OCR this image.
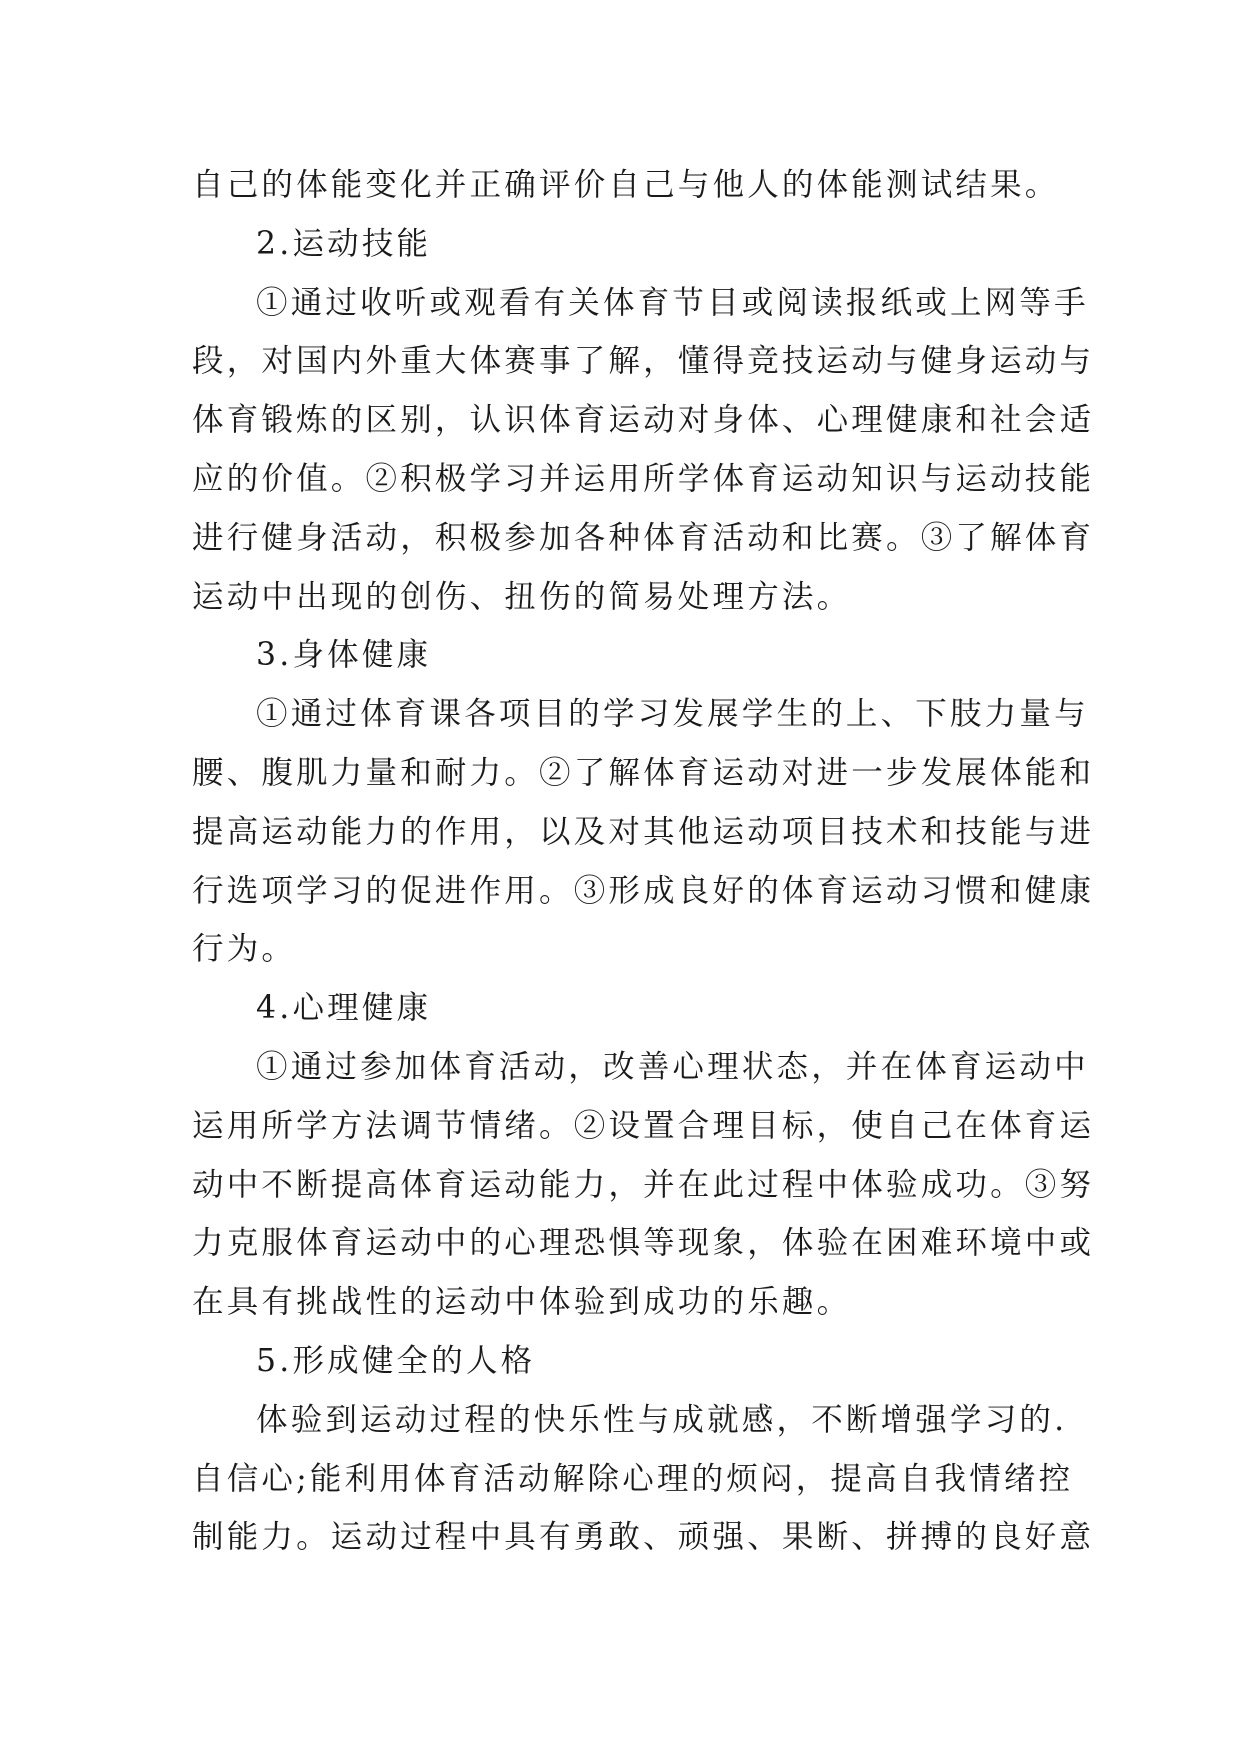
自己的体能变化并正确评价自己与他人的体能测试结果。
2.运动技能
①通过收听或观看有关体育节目或阅读报纸或上网等手
段，对国内外重大体赛事了解，懂得竞技运动与健身运动与
体育锻炼的区别，认识体育运动对身体、心理健康和社会适
应的价值。②积极学习并运用所学体育运动知识与运动技能
进行健身活动，积极参加各种体育活动和比赛。③了解体育
运动中出现的创伤、扭伤的简易处理方法。
3.身体健康
①通过体育课各项目的学习发展学生的上、下肢力量与
腰、腹肌力量和耐力。②了解体育运动对进一步发展体能和
提高运动能力的作用，以及对其他运动项目技术和技能与进
行选项学习的促进作用。③形成良好的体育运动习惯和健康
行为。
4.心理健康
①通过参加体育活动，改善心理状态，并在体育运动中
运用所学方法调节情绪。②设置合理目标，使自己在体育运
动中不断提高体育运动能力，并在此过程中体验成功。③努
力克服体育运动中的心理恐惧等现象，体验在困难环境中或
在具有挑战性的运动中体验到成功的乐趣。
5.形成健全的人格
体验到运动过程的快乐性与成就感，不断增强学习的.
自信心;能利用体育活动解除心理的烦闷，提高自我情绪控
制能力。运动过程中具有勇敢、顽强、果断、拼搏的良好意
